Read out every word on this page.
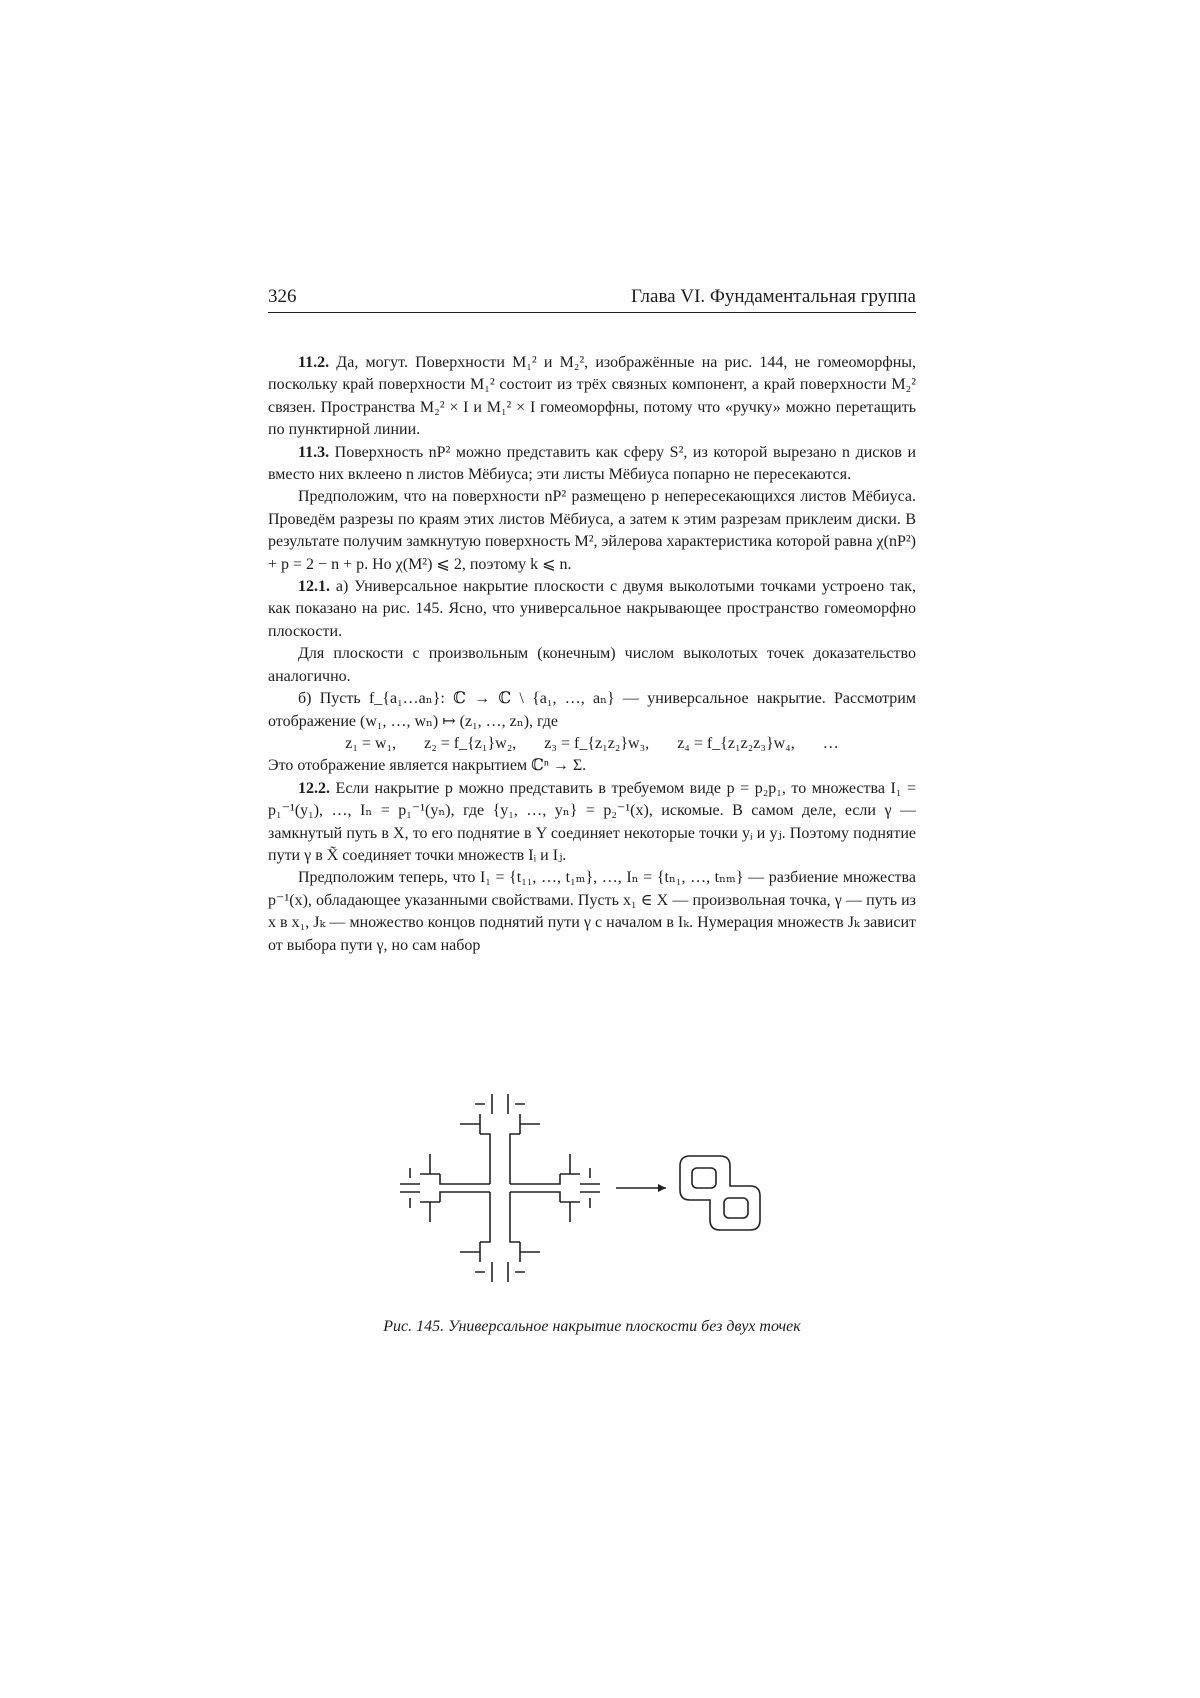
326	Глава VI. Фундаментальная группа

11.2. Да, могут. Поверхности M₁² и M₂², изображённые на рис. 144, не гомеоморфны, поскольку край поверхности M₁² состоит из трёх связных компонент, а край поверхности M₂² связен. Пространства M₂² × I и M₁² × I гомеоморфны, потому что «ручку» можно перетащить по пунктирной линии.

11.3. Поверхность nP² можно представить как сферу S², из которой вырезано n дисков и вместо них вклеено n листов Мёбиуса; эти листы Мёбиуса попарно не пересекаются.

Предположим, что на поверхности nP² размещено p непересекающихся листов Мёбиуса. Проведём разрезы по краям этих листов Мёбиуса, а затем к этим разрезам приклеим диски. В результате получим замкнутую поверхность M², эйлерова характеристика которой равна χ(nP²) + p = 2 − n + p. Но χ(M²) ⩽ 2, поэтому k ⩽ n.

12.1. а) Универсальное накрытие плоскости с двумя выколотыми точками устроено так, как показано на рис. 145. Ясно, что универсальное накрывающее пространство гомеоморфно плоскости.

Для плоскости с произвольным (конечным) числом выколотых точек доказательство аналогично.

б) Пусть f_{a₁…aₙ}: ℂ → ℂ \ {a₁, …, aₙ} — универсальное накрытие. Рассмотрим отображение (w₁, …, wₙ) ↦ (z₁, …, zₙ), где

z₁ = w₁, z₂ = f_{z₁}w₂, z₃ = f_{z₁z₂}w₃, z₄ = f_{z₁z₂z₃}w₄, …

Это отображение является накрытием ℂⁿ → Σ.

12.2. Если накрытие p можно представить в требуемом виде p = p₂p₁, то множества I₁ = p₁⁻¹(y₁), …, Iₙ = p₁⁻¹(yₙ), где {y₁, …, yₙ} = p₂⁻¹(x), искомые. В самом деле, если γ — замкнутый путь в X, то его поднятие в Y соединяет некоторые точки yᵢ и yⱼ. Поэтому поднятие пути γ в X̃ соединяет точки множеств Iᵢ и Iⱼ.

Предположим теперь, что I₁ = {t₁₁, …, t₁ₘ}, …, Iₙ = {tₙ₁, …, tₙₘ} — разбиение множества p⁻¹(x), обладающее указанными свойствами. Пусть x₁ ∈ X — произвольная точка, γ — путь из x в x₁, Jₖ — множество концов поднятий пути γ с началом в Iₖ. Нумерация множеств Jₖ зависит от выбора пути γ, но сам набор

Рис. 145. Универсальное накрытие плоскости без двух точек
